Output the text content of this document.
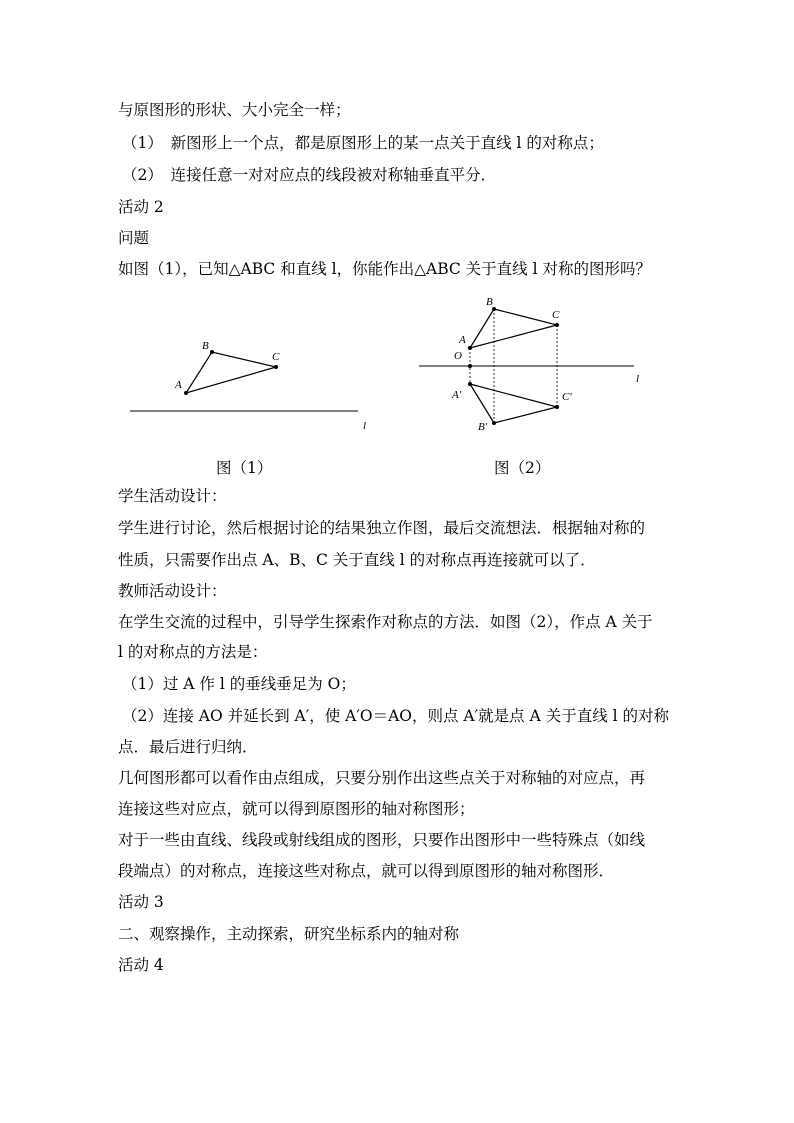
与原图形的形状、大小完全一样；
（1）　新图形上一个点，都是原图形上的某一点关于直线 l 的对称点；
（2）　连接任意一对对应点的线段被对称轴垂直平分．
活动 2
问题
如图（1），已知△ABC 和直线 l，你能作出△ABC 关于直线 l 对称的图形吗？
A
B
C
l
A
B
C
O
A′
B′
C′
l
图（1）	图（2）
学生活动设计：
学生进行讨论，然后根据讨论的结果独立作图，最后交流想法．根据轴对称的
性质，只需要作出点 A、B、C 关于直线 l 的对称点再连接就可以了．
教师活动设计：
在学生交流的过程中，引导学生探索作对称点的方法．如图（2），作点 A 关于
l 的对称点的方法是：
（1）过 A 作 l 的垂线垂足为 O；
（2）连接 AO 并延长到 A′，使 A′O＝AO，则点 A′就是点 A 关于直线 l 的对称
点．最后进行归纳．
几何图形都可以看作由点组成，只要分别作出这些点关于对称轴的对应点，再
连接这些对应点，就可以得到原图形的轴对称图形；
对于一些由直线、线段或射线组成的图形，只要作出图形中一些特殊点（如线
段端点）的对称点，连接这些对称点，就可以得到原图形的轴对称图形．
活动 3
二、观察操作，主动探索，研究坐标系内的轴对称
活动 4
